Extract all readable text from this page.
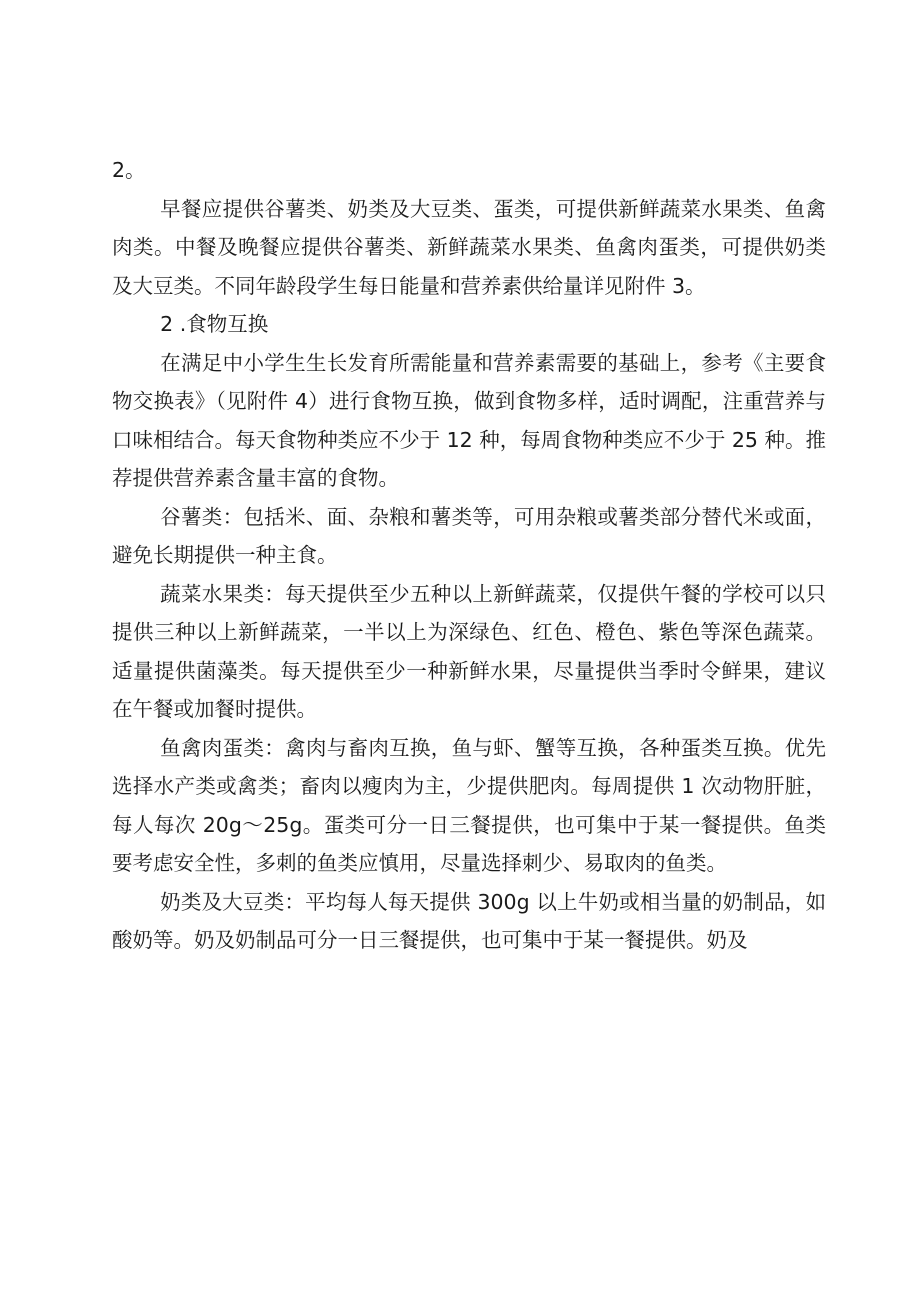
2。

早餐应提供谷薯类、奶类及大豆类、蛋类，可提供新鲜蔬菜水果类、鱼禽肉类。中餐及晚餐应提供谷薯类、新鲜蔬菜水果类、鱼禽肉蛋类，可提供奶类及大豆类。不同年龄段学生每日能量和营养素供给量详见附件 3。

2 .食物互换

在满足中小学生生长发育所需能量和营养素需要的基础上，参考《主要食物交换表》（见附件 4）进行食物互换，做到食物多样，适时调配，注重营养与口味相结合。每天食物种类应不少于 12 种，每周食物种类应不少于 25 种。推荐提供营养素含量丰富的食物。

谷薯类：包括米、面、杂粮和薯类等，可用杂粮或薯类部分替代米或面，避免长期提供一种主食。

蔬菜水果类：每天提供至少五种以上新鲜蔬菜，仅提供午餐的学校可以只提供三种以上新鲜蔬菜，一半以上为深绿色、红色、橙色、紫色等深色蔬菜。适量提供菌藻类。每天提供至少一种新鲜水果，尽量提供当季时令鲜果，建议在午餐或加餐时提供。

鱼禽肉蛋类：禽肉与畜肉互换，鱼与虾、蟹等互换，各种蛋类互换。优先选择水产类或禽类；畜肉以瘦肉为主，少提供肥肉。每周提供 1 次动物肝脏，每人每次 20g～25g。蛋类可分一日三餐提供，也可集中于某一餐提供。鱼类要考虑安全性，多刺的鱼类应慎用，尽量选择刺少、易取肉的鱼类。

奶类及大豆类：平均每人每天提供 300g 以上牛奶或相当量的奶制品，如酸奶等。奶及奶制品可分一日三餐提供，也可集中于某一餐提供。奶及
